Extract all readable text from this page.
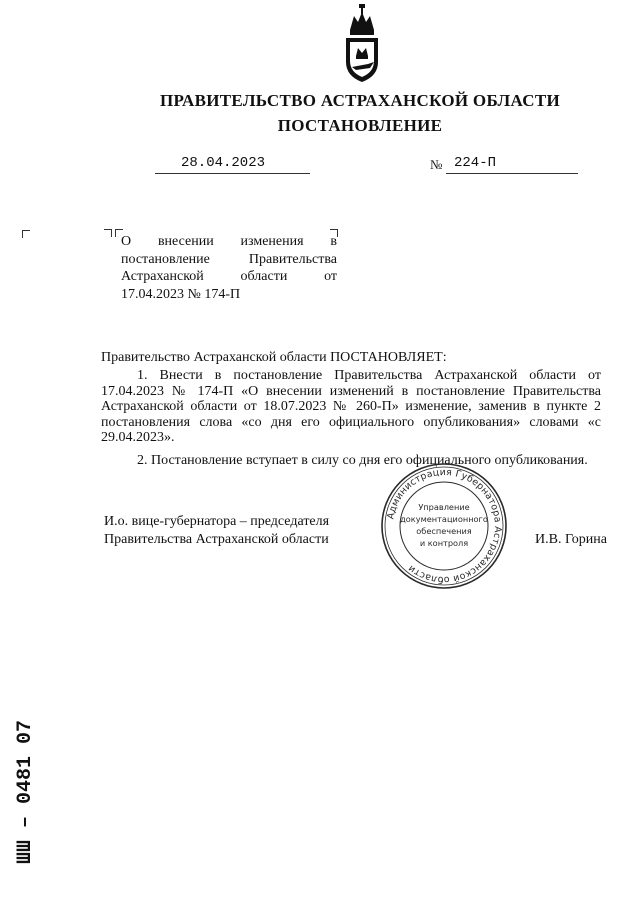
ПРАВИТЕЛЬСТВО АСТРАХАНСКОЙ ОБЛАСТИ
ПОСТАНОВЛЕНИЕ
28.04.2023	№ 224-П
О внесении изменения в постановление Правительства Астраханской области от 17.04.2023 № 174-П
Правительство Астраханской области ПОСТАНОВЛЯЕТ:
1. Внести в постановление Правительства Астраханской области от 17.04.2023 № 174-П «О внесении изменений в постановление Правительства Астраханской области от 18.07.2023 № 260-П» изменение, заменив в пункте 2 постановления слова «со дня его официального опубликования» словами «с 29.04.2023».
2. Постановление вступает в силу со дня его официального опубликования.
Администрация Губернатора Астраханской области
Управление
документационного
обеспечения
и контроля
И.о. вице-губернатора – председателя
Правительства Астраханской области	И.В. Горина
ШШ – 0481 07
